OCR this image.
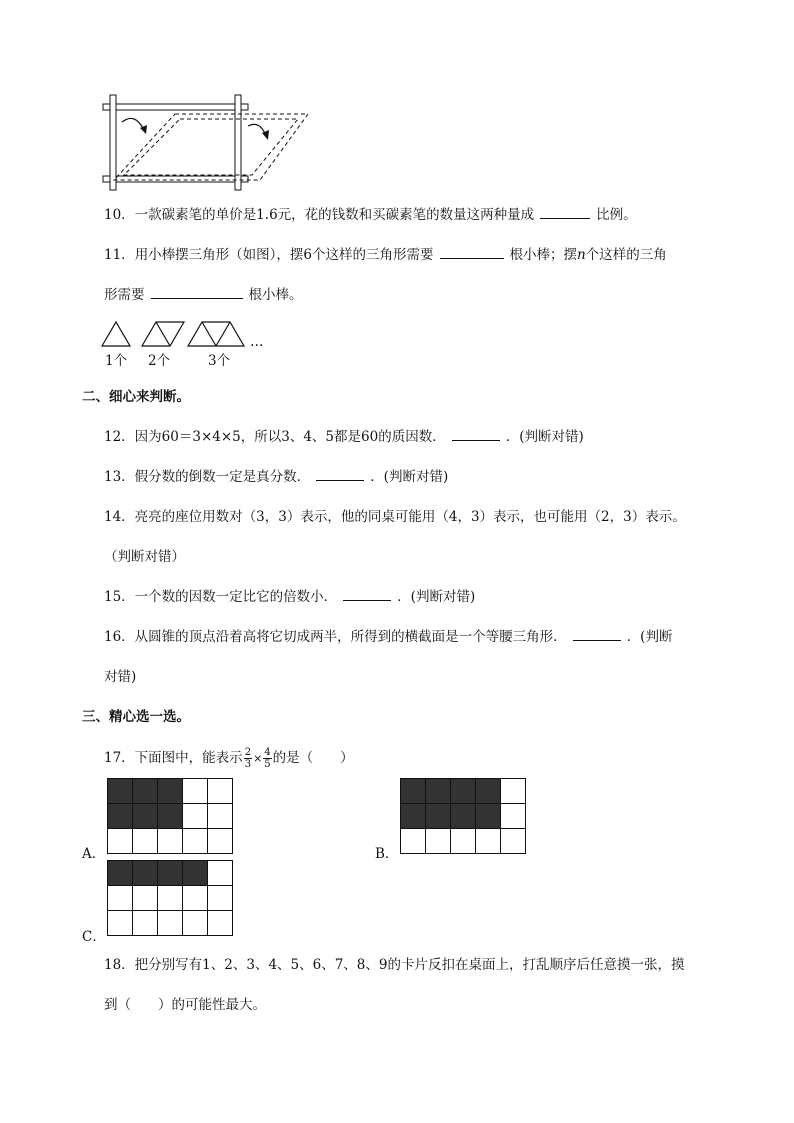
10．一款碳素笔的单价是1.6元，花的钱数和买碳素笔的数量这两种量成	比例。
11．用小棒摆三角形（如图），摆6个这样的三角形需要	根小棒；摆n个这样的三角
形需要	根小棒。
1个 2个	3个
…
二、细心来判断。
12．因为60＝3×4×5，所以3、4、5都是60的质因数．	．(判断对错)
13．假分数的倒数一定是真分数．	．(判断对错)
14．亮亮的座位用数对（3，3）表示，他的同桌可能用（4，3）表示，也可能用（2，3）表示。
（判断对错）
15．一个数的因数一定比它的倍数小．	．(判断对错)
16．从圆锥的顶点沿着高将它切成两半，所得到的横截面是一个等腰三角形．	．(判断
对错)
三、精心选一选。
17．下面图中，能表示 $\frac{2}{3} \times \frac{4}{5}$ 的是（　　）
A．	B．
C．
18．把分别写有1、2、3、4、5、6、7、8、9的卡片反扣在桌面上，打乱顺序后任意摸一张，摸
到（　　）的可能性最大。
